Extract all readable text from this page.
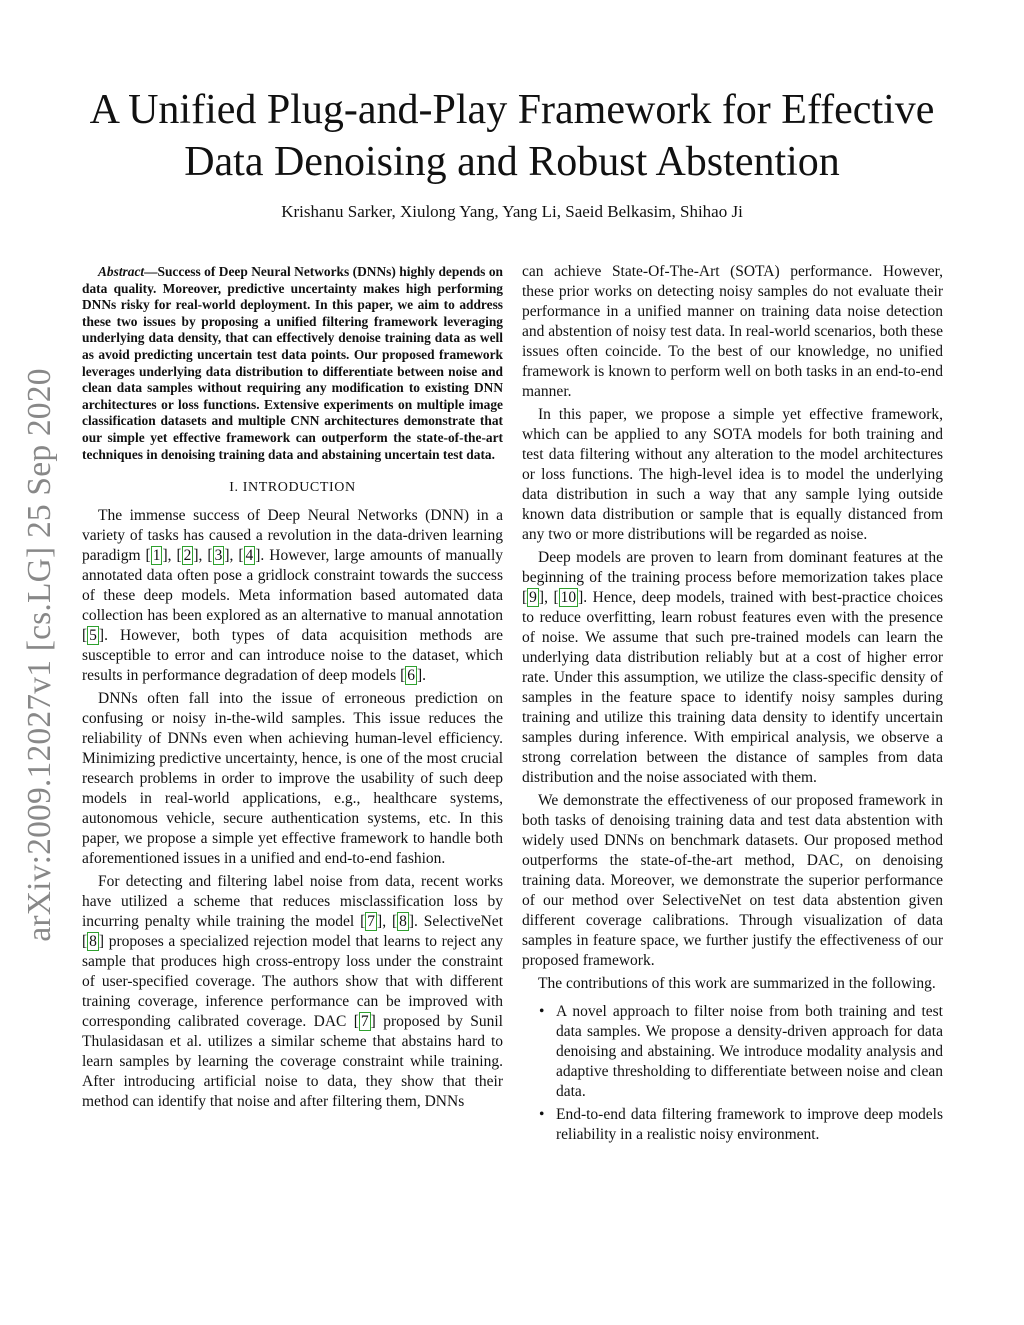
arXiv:2009.12027v1 [cs.LG] 25 Sep 2020
A Unified Plug-and-Play Framework for Effective
Data Denoising and Robust Abstention
Krishanu Sarker, Xiulong Yang, Yang Li, Saeid Belkasim, Shihao Ji
Abstract—Success of Deep Neural Networks (DNNs) highly depends on data quality. Moreover, predictive uncertainty makes high performing DNNs risky for real-world deployment. In this paper, we aim to address these two issues by proposing a unified filtering framework leveraging underlying data density, that can effectively denoise training data as well as avoid predicting uncertain test data points. Our proposed framework leverages underlying data distribution to differentiate between noise and clean data samples without requiring any modification to existing DNN architectures or loss functions. Extensive experiments on multiple image classification datasets and multiple CNN architectures demonstrate that our simple yet effective framework can outperform the state-of-the-art techniques in denoising training data and abstaining uncertain test data.
I. INTRODUCTION

The immense success of Deep Neural Networks (DNN) in a variety of tasks has caused a revolution in the data-driven learning paradigm [ 1 ], [ 2 ], [ 3 ], [ 4 ]. However, large amounts of manually annotated data often pose a gridlock constraint towards the success of these deep models. Meta information based automated data collection has been explored as an alternative to manual annotation [ 5 ]. However, both types of data acquisition methods are susceptible to error and can introduce noise to the dataset, which results in performance degradation of deep models [ 6 ].

DNNs often fall into the issue of erroneous prediction on confusing or noisy in-the-wild samples. This issue reduces the reliability of DNNs even when achieving human-level efficiency. Minimizing predictive uncertainty, hence, is one of the most crucial research problems in order to improve the usability of such deep models in real-world applications, e.g., healthcare systems, autonomous vehicle, secure authentication systems, etc. In this paper, we propose a simple yet effective framework to handle both aforementioned issues in a unified and end-to-end fashion.

For detecting and filtering label noise from data, recent works have utilized a scheme that reduces misclassification loss by incurring penalty while training the model [ 7 ], [ 8 ]. SelectiveNet [ 8 ] proposes a specialized rejection model that learns to reject any sample that produces high cross-entropy loss under the constraint of user-specified coverage. The authors show that with different training coverage, inference performance can be improved with corresponding calibrated coverage. DAC [ 7 ] proposed by Sunil Thulasidasan et al. utilizes a similar scheme that abstains hard to learn samples by learning the coverage constraint while training. After introducing artificial noise to data, they show that their method can identify that noise and after filtering them, DNNs

can achieve State-Of-The-Art (SOTA) performance. However, these prior works on detecting noisy samples do not evaluate their performance in a unified manner on training data noise detection and abstention of noisy test data. In real-world scenarios, both these issues often coincide. To the best of our knowledge, no unified framework is known to perform well on both tasks in an end-to-end manner.

In this paper, we propose a simple yet effective framework, which can be applied to any SOTA models for both training and test data filtering without any alteration to the model architectures or loss functions. The high-level idea is to model the underlying data distribution in such a way that any sample lying outside known data distribution or sample that is equally distanced from any two or more distributions will be regarded as noise.

Deep models are proven to learn from dominant features at the beginning of the training process before memorization takes place [ 9 ], [ 10 ]. Hence, deep models, trained with best-practice choices to reduce overfitting, learn robust features even with the presence of noise. We assume that such pre-trained models can learn the underlying data distribution reliably but at a cost of higher error rate. Under this assumption, we utilize the class-specific density of samples in the feature space to identify noisy samples during training and utilize this training data density to identify uncertain samples during inference. With empirical analysis, we observe a strong correlation between the distance of samples from data distribution and the noise associated with them.

We demonstrate the effectiveness of our proposed framework in both tasks of denoising training data and test data abstention with widely used DNNs on benchmark datasets. Our proposed method outperforms the state-of-the-art method, DAC, on denoising training data. Moreover, we demonstrate the superior performance of our method over SelectiveNet on test data abstention given different coverage calibrations. Through visualization of data samples in feature space, we further justify the effectiveness of our proposed framework.

The contributions of this work are summarized in the following.

• A novel approach to filter noise from both training and test data samples. We propose a density-driven approach for data denoising and abstaining. We introduce modality analysis and adaptive thresholding to differentiate between noise and clean data.
• End-to-end data filtering framework to improve deep models reliability in a realistic noisy environment.
